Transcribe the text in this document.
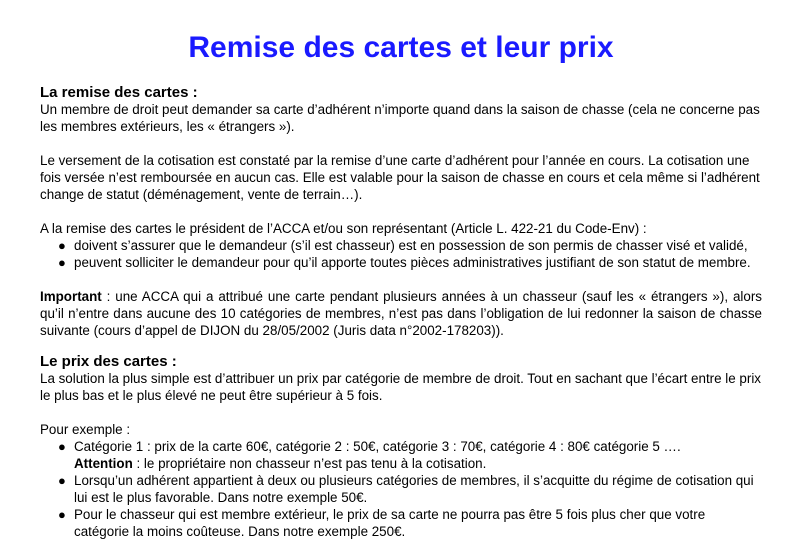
Remise des cartes et leur prix
La remise des cartes :

Un membre de droit peut demander sa carte d’adhérent n’importe quand dans la saison de chasse (cela ne concerne pas les membres extérieurs, les « étrangers »).

Le versement de la cotisation est constaté par la remise d’une carte d’adhérent pour l’année en cours. La cotisation une fois versée n’est remboursée en aucun cas. Elle est valable pour la saison de chasse en cours et cela même si l’adhérent change de statut (déménagement, vente de terrain…).

A la remise des cartes le président de l’ACCA et/ou son représentant (Article L. 422-21 du Code-Env) :

● doivent s’assurer que le demandeur (s’il est chasseur) est en possession de son permis de chasser visé et validé,
● peuvent solliciter le demandeur pour qu’il apporte toutes pièces administratives justifiant de son statut de membre.

Important : une ACCA qui a attribué une carte pendant plusieurs années à un chasseur (sauf les « étrangers »), alors qu’il n’entre dans aucune des 10 catégories de membres, n’est pas dans l’obligation de lui redonner la saison de chasse suivante (cours d’appel de DIJON du 28/05/2002 (Juris data n°2002-178203)).

Le prix des cartes :

La solution la plus simple est d’attribuer un prix par catégorie de membre de droit. Tout en sachant que l’écart entre le prix le plus bas et le plus élevé ne peut être supérieur à 5 fois.

Pour exemple :

● Catégorie 1 : prix de la carte 60€, catégorie 2 : 50€, catégorie 3 : 70€, catégorie 4 : 80€ catégorie 5 ….
Attention : le propriétaire non chasseur n’est pas tenu à la cotisation.
● Lorsqu’un adhérent appartient à deux ou plusieurs catégories de membres, il s’acquitte du régime de cotisation qui lui est le plus favorable. Dans notre exemple 50€.
● Pour le chasseur qui est membre extérieur, le prix de sa carte ne pourra pas être 5 fois plus cher que votre catégorie la moins coûteuse. Dans notre exemple 250€.
